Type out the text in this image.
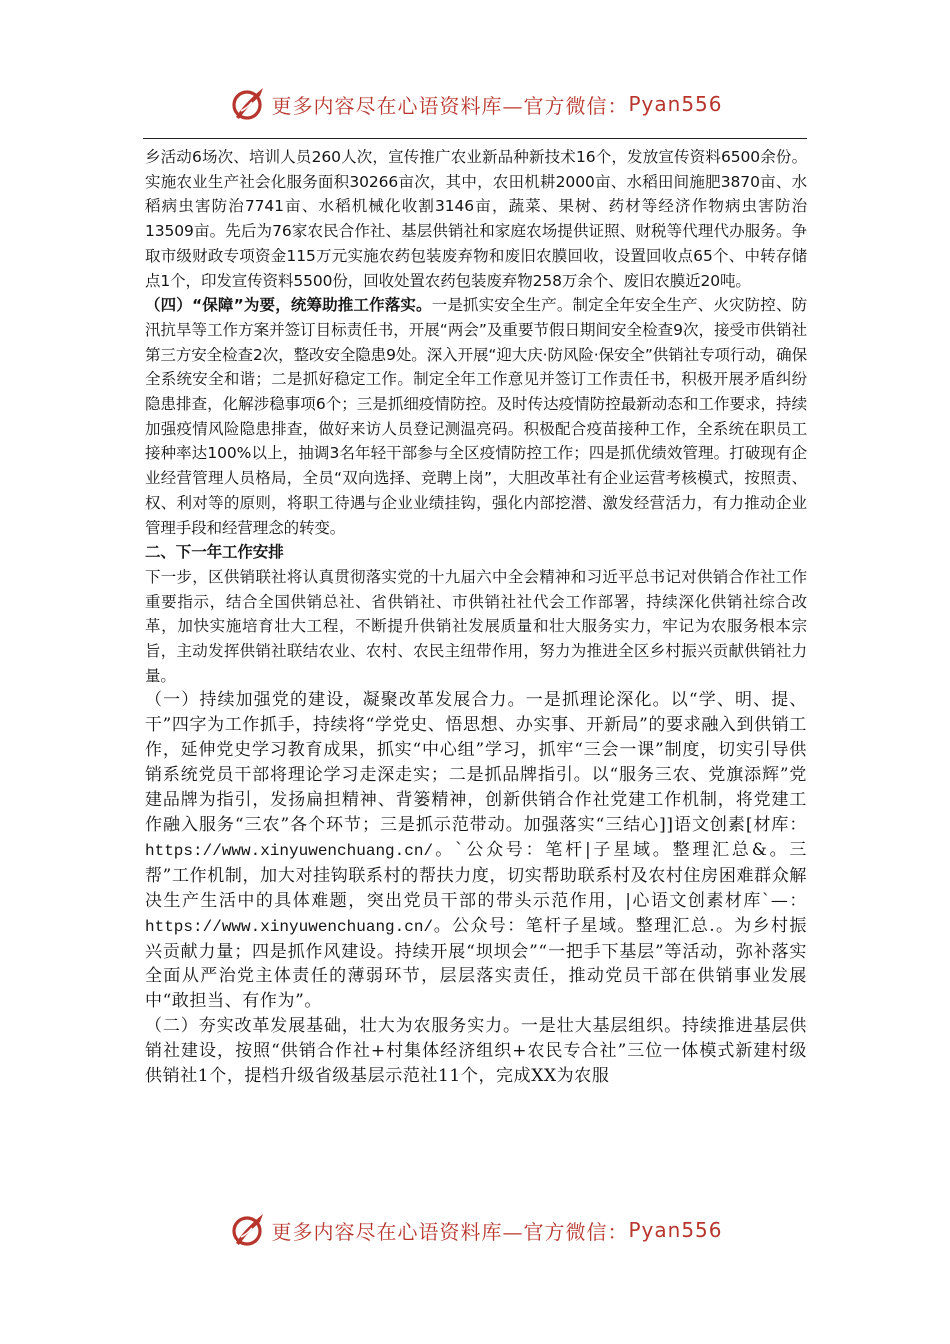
更多内容尽在心语资料库—官方微信： Pyan556

乡活动6场次、培训人员260人次，宣传推广农业新品种新技术16个，发放宣传资料6500余份。实施农业生产社会化服务面积30266亩次，其中，农田机耕2000亩、水稻田间施肥3870亩、水稻病虫害防治7741亩、水稻机械化收割3146亩，蔬菜、果树、药材等经济作物病虫害防治13509亩。先后为76家农民合作社、基层供销社和家庭农场提供证照、财税等代理代办服务。争取市级财政专项资金115万元实施农药包装废弃物和废旧农膜回收，设置回收点65个、中转存储点1个，印发宣传资料5500份，回收处置农药包装废弃物258万余个、废旧农膜近20吨。

（四）“保障”为要，统筹助推工作落实。一是抓实安全生产。制定全年安全生产、火灾防控、防汛抗旱等工作方案并签订目标责任书，开展“两会”及重要节假日期间安全检查9次，接受市供销社第三方安全检查2次，整改安全隐患9处。深入开展“迎大庆·防风险·保安全”供销社专项行动，确保全系统安全和谐；二是抓好稳定工作。制定全年工作意见并签订工作责任书，积极开展矛盾纠纷隐患排查，化解涉稳事项6个；三是抓细疫情防控。及时传达疫情防控最新动态和工作要求，持续加强疫情风险隐患排查，做好来访人员登记测温亮码。积极配合疫苗接种工作，全系统在职员工接种率达100%以上，抽调3名年轻干部参与全区疫情防控工作；四是抓优绩效管理。打破现有企业经营管理人员格局，全员“双向选择、竞聘上岗”，大胆改革社有企业运营考核模式，按照责、权、利对等的原则，将职工待遇与企业业绩挂钩，强化内部挖潜、激发经营活力，有力推动企业管理手段和经营理念的转变。

二、下一年工作安排

下一步，区供销联社将认真贯彻落实党的十九届六中全会精神和习近平总书记对供销合作社工作重要指示，结合全国供销总社、省供销社、市供销社社代会工作部署，持续深化供销社综合改革，加快实施培育壮大工程，不断提升供销社发展质量和壮大服务实力，牢记为农服务根本宗旨，主动发挥供销社联结农业、农村、农民主纽带作用，努力为推进全区乡村振兴贡献供销社力量。

（一）持续加强党的建设，凝聚改革发展合力。一是抓理论深化。以“学、明、提、干”四字为工作抓手，持续将“学党史、悟思想、办实事、开新局”的要求融入到供销工作，延伸党史学习教育成果，抓实“中心组”学习，抓牢“三会一课”制度，切实引导供销系统党员干部将理论学习走深走实；二是抓品牌指引。以“服务三农、党旗添辉”党建品牌为指引，发扬扁担精神、背篓精神，创新供销合作社党建工作机制，将党建工作融入服务“三农”各个环节；三是抓示范带动。加强落实“三结心]]语文创素[材库：https://www.xinyuwenchuang.cn/。`公众号：笔杆|子星域。整理汇总&。三帮”工作机制，加大对挂钩联系村的帮扶力度，切实帮助联系村及农村住房困难群众解决生产生活中的具体难题，突出党员干部的带头示范作用，|心语文创素材库`—：https://www.xinyuwenchuang.cn/。公众号：笔杆子星域。整理汇总.。为乡村振兴贡献力量；四是抓作风建设。持续开展“坝坝会”“一把手下基层”等活动，弥补落实全面从严治党主体责任的薄弱环节，层层落实责任，推动党员干部在供销事业发展中“敢担当、有作为”。

（二）夯实改革发展基础，壮大为农服务实力。一是壮大基层组织。持续推进基层供销社建设，按照“供销合作社+村集体经济组织+农民专合社”三位一体模式新建村级供销社1个，提档升级省级基层示范社11个，完成XX为农服

更多内容尽在心语资料库—官方微信： Pyan556
